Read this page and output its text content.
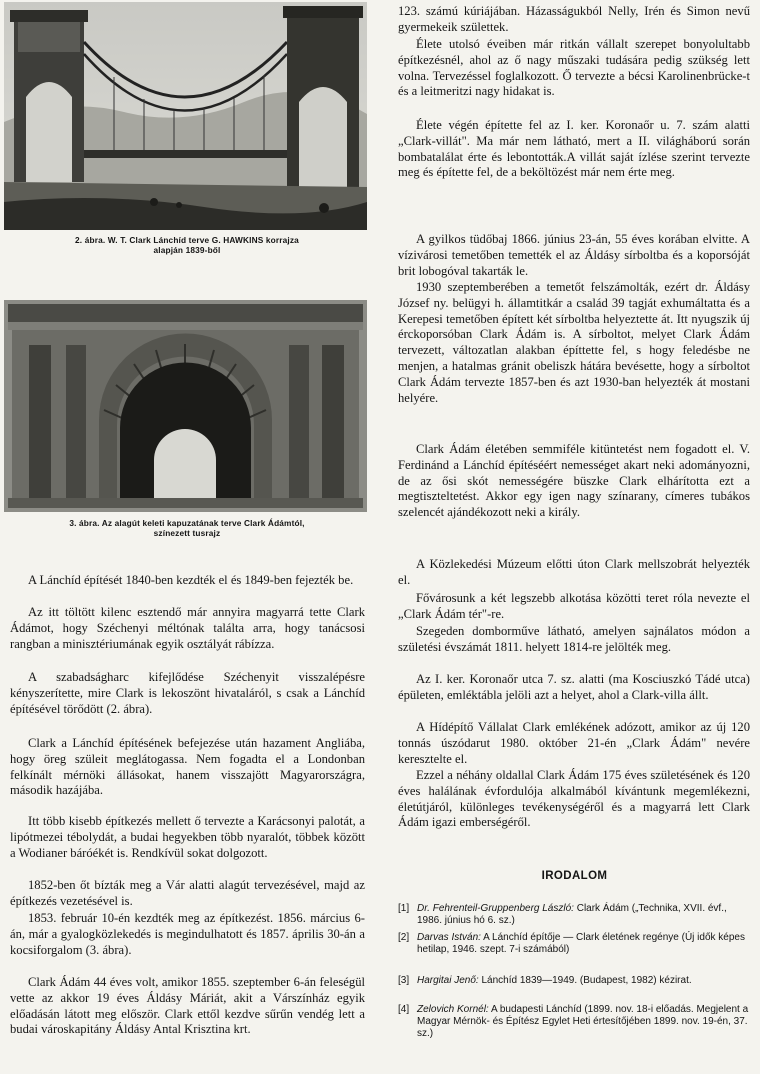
2. ábra. W. T. Clark Lánchíd terve G. HAWKINS korrajza
alapján 1839-ből
3. ábra. Az alagút keleti kapuzatának terve Clark Ádámtól,
színezett tusrajz

A Lánchíd építését 1840-ben kezdték el és 1849-ben fejezték be.

Az itt töltött kilenc esztendő már annyira magyarrá tette Clark Ádámot, hogy Széchenyi méltónak találta arra, hogy tanácsosi rangban a minisztériumának egyik osztályát rábízza.

A szabadságharc kifejlődése Széchenyit visszalépésre kényszerítette, mire Clark is lekoszönt hivataláról, s csak a Lánchíd építésével törődött (2. ábra).

Clark a Lánchíd építésének befejezése után hazament Angliába, hogy öreg szüleit meglátogassa. Nem fogadta el a Londonban felkínált mérnöki állásokat, hanem visszajött Magyarországra, második hazájába.

Itt több kisebb építkezés mellett ő tervezte a Karácsonyi palotát, a lipótmezei tébolydát, a budai hegyekben több nyaralót, többek között a Wodianer báróékét is. Rendkívül sokat dolgozott.

1852-ben őt bízták meg a Vár alatti alagút tervezésével, majd az építkezés vezetésével is.

1853. február 10-én kezdték meg az építkezést. 1856. március 6-án, már a gyalogközlekedés is megindulhatott és 1857. április 30-án a kocsiforgalom (3. ábra).

Clark Ádám 44 éves volt, amikor 1855. szeptember 6-án feleségül vette az akkor 19 éves Áldásy Máriát, akit a Várszínház egyik előadásán látott meg először. Clark ettől kezdve sűrűn vendég lett a budai városkapitány Áldásy Antal Krisztina krt.

123. számú kúriájában. Házasságukból Nelly, Irén és Simon nevű gyermekeik születtek.

Élete utolsó éveiben már ritkán vállalt szerepet bonyolultabb építkezésnél, ahol az ő nagy műszaki tudására pedig szükség lett volna. Tervezéssel foglalkozott. Ő tervezte a bécsi Karolinenbrücke-t és a leitmeritzi nagy hidakat is.

Élete végén építette fel az I. ker. Koronaőr u. 7. szám alatti „Clark-villát". Ma már nem látható, mert a II. világháború során bombatalálat érte és lebontották.A villát saját ízlése szerint tervezte meg és építette fel, de a beköltözést már nem érte meg.

A gyilkos tüdőbaj 1866. június 23-án, 55 éves korában elvitte. A vízivárosi temetőben temették el az Áldásy sírboltba és a koporsóját brit lobogóval takarták le.

1930 szeptemberében a temetőt felszámolták, ezért dr. Áldásy József ny. belügyi h. államtitkár a család 39 tagját exhumáltatta és a Kerepesi temetőben épített két sírboltba helyeztette át. Itt nyugszik új érckoporsóban Clark Ádám is. A sírboltot, melyet Clark Ádám tervezett, változatlan alakban építtette fel, s hogy feledésbe ne menjen, a hatalmas gránit obeliszk hátára bevésette, hogy a sírboltot Clark Ádám tervezte 1857-ben és azt 1930-ban helyezték át mostani helyére.

Clark Ádám életében semmiféle kitüntetést nem fogadott el. V. Ferdinánd a Lánchíd építéséért nemességet akart neki adományozni, de az ősi skót nemességére büszke Clark elhárította ezt a megtiszteltetést. Akkor egy igen nagy színarany, címeres tubákos szelencét ajándékozott neki a király.

A Közlekedési Múzeum előtti úton Clark mellszobrát helyezték el.

Fővárosunk a két legszebb alkotása közötti teret róla nevezte el „Clark Ádám tér"-re.

Szegeden domborműve látható, amelyen sajnálatos módon a születési évszámát 1811. helyett 1814-re jelölték meg.

Az I. ker. Koronaőr utca 7. sz. alatti (ma Kosciuszkó Tádé utca) épületen, emléktábla jelöli azt a helyet, ahol a Clark-villa állt.

A Hídépítő Vállalat Clark emlékének adózott, amikor az új 120 tonnás úszódarut 1980. október 21-én „Clark Ádám" nevére keresztelte el.

Ezzel a néhány oldallal Clark Ádám 175 éves születésének és 120 éves halálának évfordulója alkalmából kívántunk megemlékezni, életútjáról, különleges tevékenységéről és a magyarrá lett Clark Ádám igazi emberségéről.

IRODALOM
[1] Dr. Fehrenteil-Gruppenberg László: Clark Ádám („Technika, XVII. évf., 1986. június hó 6. sz.)
[2] Darvas István: A Lánchíd építője — Clark életének regénye (Új idők képes hetilap, 1946. szept. 7-i számából)
[3] Hargitai Jenő: Lánchíd 1839—1949. (Budapest, 1982) kézirat.
[4] Zelovich Kornél: A budapesti Lánchíd (1899. nov. 18-i előadás. Megjelent a Magyar Mérnök- és Építész Egylet Heti értesítőjében 1899. nov. 19-én, 37. sz.)
